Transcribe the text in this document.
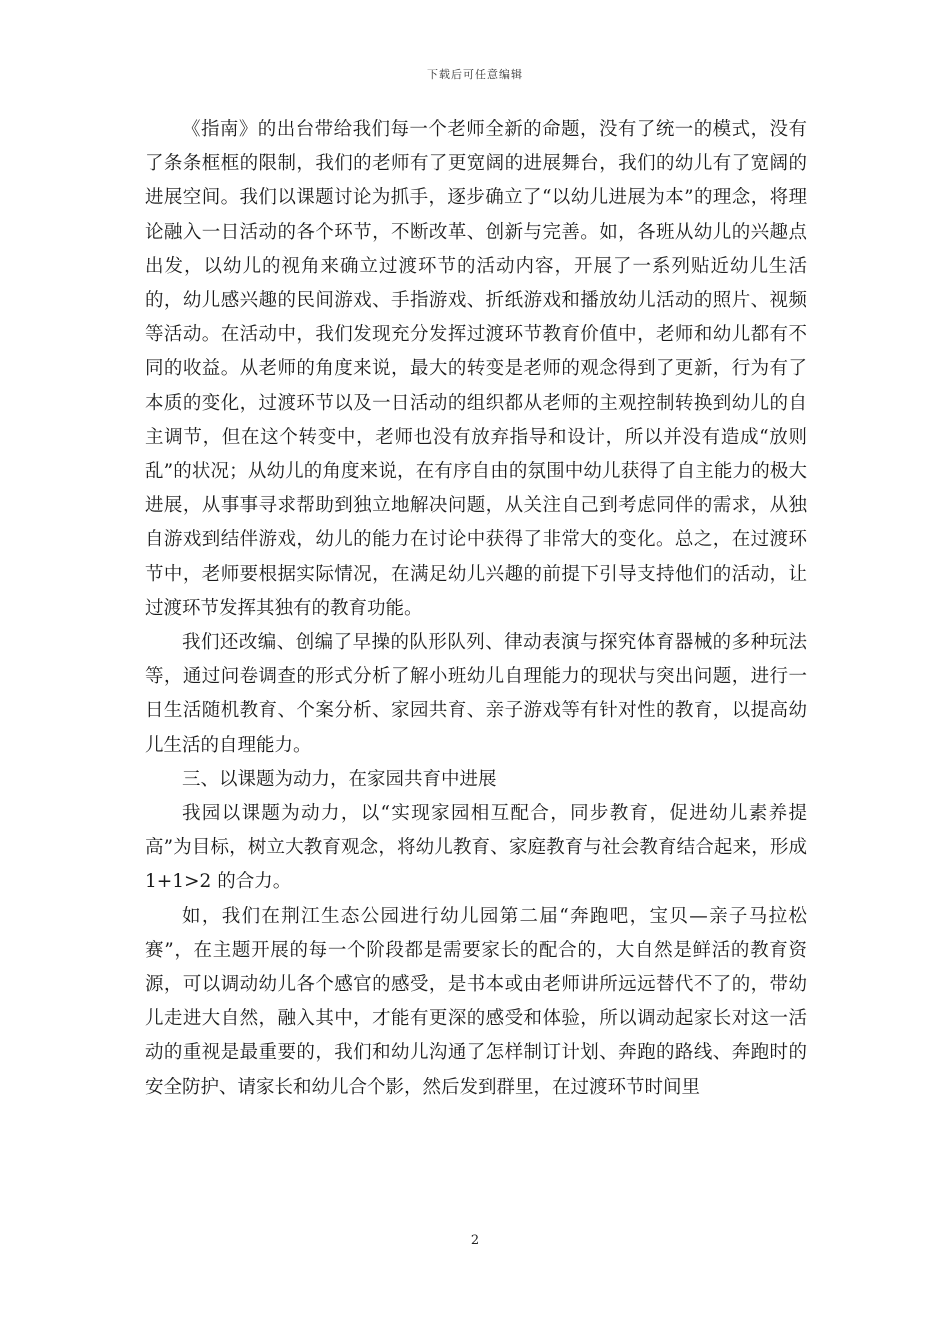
下载后可任意编辑

《指南》的出台带给我们每一个老师全新的命题，没有了统一的模式，没有了条条框框的限制，我们的老师有了更宽阔的进展舞台，我们的幼儿有了宽阔的进展空间。我们以课题讨论为抓手，逐步确立了“以幼儿进展为本”的理念，将理论融入一日活动的各个环节，不断改革、创新与完善。如，各班从幼儿的兴趣点出发，以幼儿的视角来确立过渡环节的活动内容，开展了一系列贴近幼儿生活的，幼儿感兴趣的民间游戏、手指游戏、折纸游戏和播放幼儿活动的照片、视频等活动。在活动中，我们发现充分发挥过渡环节教育价值中，老师和幼儿都有不同的收益。从老师的角度来说，最大的转变是老师的观念得到了更新，行为有了本质的变化，过渡环节以及一日活动的组织都从老师的主观控制转换到幼儿的自主调节，但在这个转变中，老师也没有放弃指导和设计，所以并没有造成“放则乱”的状况；从幼儿的角度来说，在有序自由的氛围中幼儿获得了自主能力的极大进展，从事事寻求帮助到独立地解决问题，从关注自己到考虑同伴的需求，从独自游戏到结伴游戏，幼儿的能力在讨论中获得了非常大的变化。总之，在过渡环节中，老师要根据实际情况，在满足幼儿兴趣的前提下引导支持他们的活动，让过渡环节发挥其独有的教育功能。

我们还改编、创编了早操的队形队列、律动表演与探究体育器械的多种玩法等，通过问卷调查的形式分析了解小班幼儿自理能力的现状与突出问题，进行一日生活随机教育、个案分析、家园共育、亲子游戏等有针对性的教育，以提高幼儿生活的自理能力。

三、以课题为动力，在家园共育中进展

我园以课题为动力，以“实现家园相互配合，同步教育，促进幼儿素养提高”为目标，树立大教育观念，将幼儿教育、家庭教育与社会教育结合起来，形成 1+1>2 的合力。

如，我们在荆江生态公园进行幼儿园第二届“奔跑吧，宝贝—亲子马拉松赛”，在主题开展的每一个阶段都是需要家长的配合的，大自然是鲜活的教育资源，可以调动幼儿各个感官的感受，是书本或由老师讲所远远替代不了的，带幼儿走进大自然，融入其中，才能有更深的感受和体验，所以调动起家长对这一活动的重视是最重要的，我们和幼儿沟通了怎样制订计划、奔跑的路线、奔跑时的安全防护、请家长和幼儿合个影，然后发到群里，在过渡环节时间里

2
